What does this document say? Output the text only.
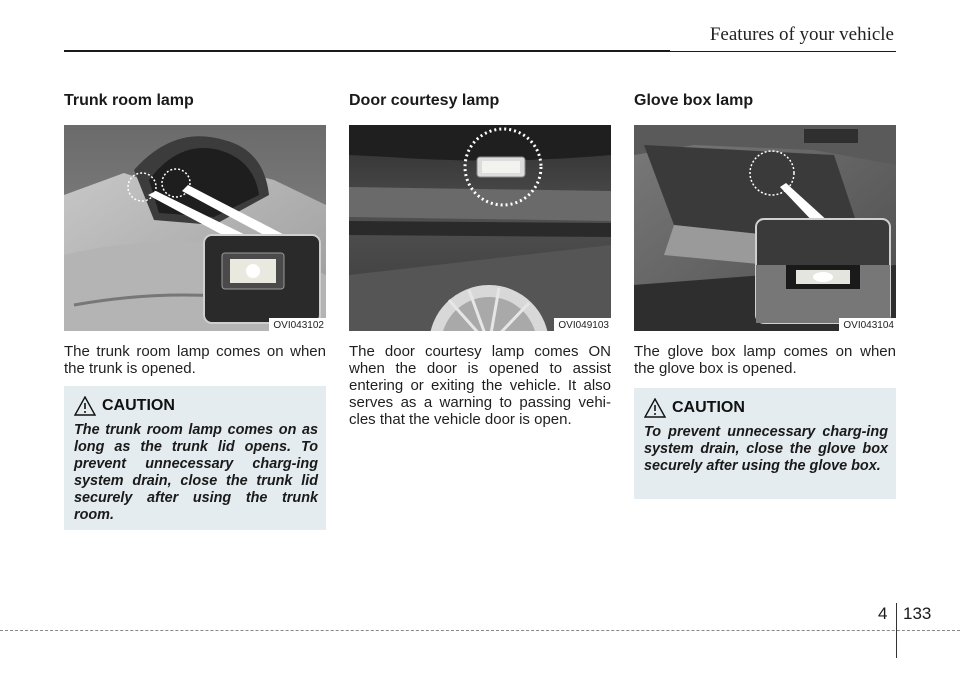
Features of your vehicle
Trunk room lamp
OVI043102
The trunk room lamp comes on when the trunk is opened.
Door courtesy lamp
OVI049103
The door courtesy lamp comes ON when the door is opened to assist entering or exiting the vehicle. It also serves as a warning to passing vehi-cles that the vehicle door is open.
Glove box lamp
OVI043104
The glove box lamp comes on when the glove box is opened.
CAUTION
The trunk room lamp comes on as long as the trunk lid opens. To prevent unnecessary charg-ing system drain, close the trunk lid securely after using the trunk room.
CAUTION
To prevent unnecessary charg-ing system drain, close the glove box securely after using the glove box.
4 133
